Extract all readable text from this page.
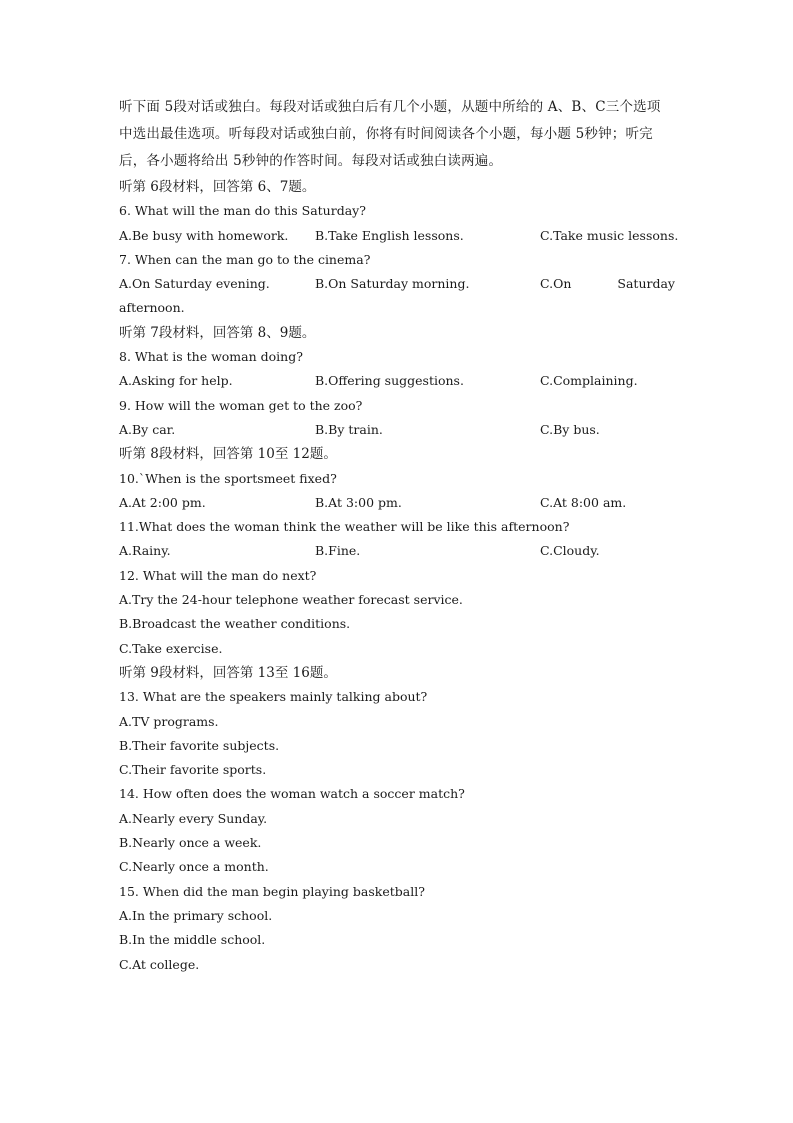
听下面 5段对话或独白。每段对话或独白后有几个小题，从题中所给的 A、B、C三个选项
中选出最佳选项。听每段对话或独白前，你将有时间阅读各个小题，每小题 5秒钟；听完
后，各小题将给出 5秒钟的作答时间。每段对话或独白读两遍。
听第 6段材料，回答第 6、7题。
6. What will the man do this Saturday?
A.Be busy with homework. B.Take English lessons.	C.Take music lessons.
7. When can the man go to the cinema?
A.On Saturday evening.	B.On Saturday morning.	C.On	Saturday
afternoon.
听第 7段材料，回答第 8、9题。
8. What is the woman doing?
A.Asking for help.	B.Offering suggestions.	C.Complaining.
9. How will the woman get to the zoo?
A.By car.	B.By train.	C.By bus.
听第 8段材料，回答第 10至 12题。
10.`When is the sportsmeet fixed?
A.At 2:00 pm.	B.At 3:00 pm.	C.At 8:00 am.
11.What does the woman think the weather will be like this afternoon?
A.Rainy.	B.Fine.	C.Cloudy.
12. What will the man do next?
A.Try the 24-hour telephone weather forecast service.
B.Broadcast the weather conditions.
C.Take exercise.
听第 9段材料，回答第 13至 16题。
13. What are the speakers mainly talking about?
A.TV programs.
B.Their favorite subjects.
C.Their favorite sports.
14. How often does the woman watch a soccer match?
A.Nearly every Sunday.
B.Nearly once a week.
C.Nearly once a month.
15. When did the man begin playing basketball?
A.In the primary school.
B.In the middle school.
C.At college.
